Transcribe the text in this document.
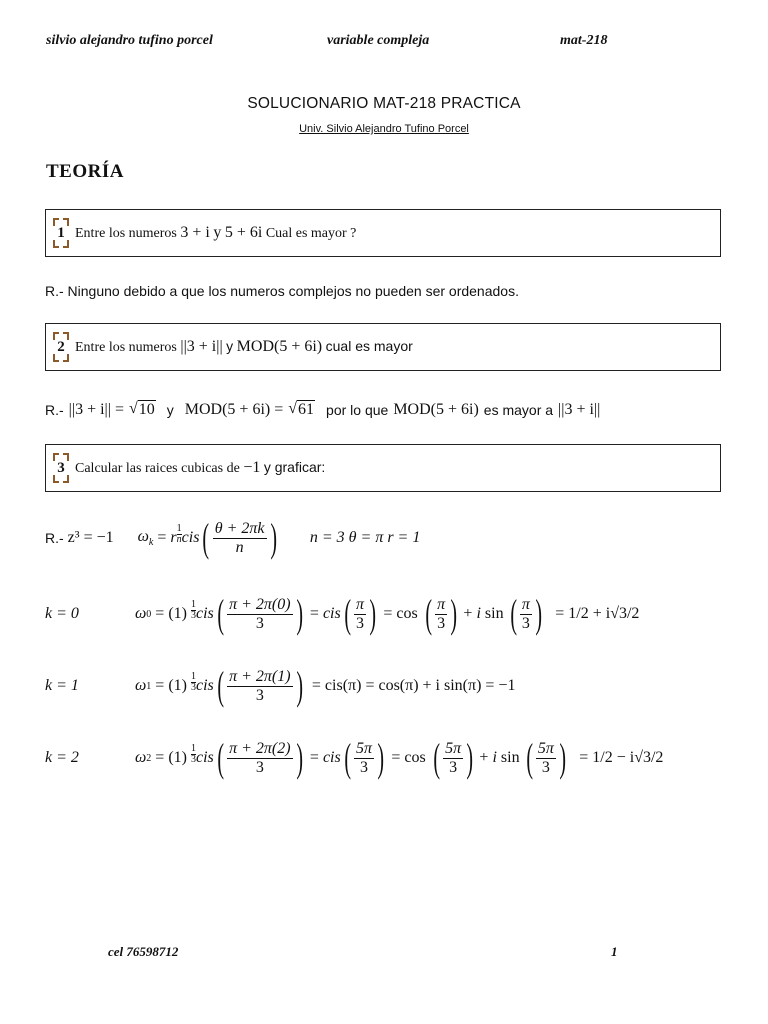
silvio alejandro tufino porcel	variable compleja	mat-218
SOLUCIONARIO MAT-218 PRACTICA
Univ. Silvio Alejandro Tufino Porcel
TEORÍA
1 Entre los numeros 3 + i y 5 + 6i Cual es mayor ?
R.- Ninguno debido a que los numeros complejos no pueden ser ordenados.
2 Entre los numeros ||3 + i|| y MOD(5 + 6i) cual es mayor
R.- ||3 + i|| = √ 10 y MOD(5 + 6i) = √ 61 por lo que MOD(5 + 6i) es mayor a ||3 + i||
3 Calcular las raices cubicas de −1 y graficar:
R.- z³ = −1 $\omega_k = r$
1
n cis ( $\frac{\theta + 2\pi k}{n}$ ) n = 3 θ = π r = 1
k = 0	ω 0 = (1)
1
3 cis ( $\frac{\pi + 2\pi(0)}{3}$ ) = cis ( $\frac{\pi}{3}$ ) = cos ( $\frac{\pi}{3}$ ) + i sin ( $\frac{\pi}{3}$ ) = 1/2 + i√3/2
k = 1	ω 1 = (1)
1
3 cis ( $\frac{\pi + 2\pi(1)}{3}$ ) = cis(π) = cos(π) + i sin(π) = −1
k = 2	ω 2 = (1)
1
3 cis ( $\frac{\pi + 2\pi(2)}{3}$ ) = cis ( $\frac{5\pi}{3}$ ) = cos ( $\frac{5\pi}{3}$ ) + i sin ( $\frac{5\pi}{3}$ ) = 1/2 − i√3/2
cel 76598712	1
